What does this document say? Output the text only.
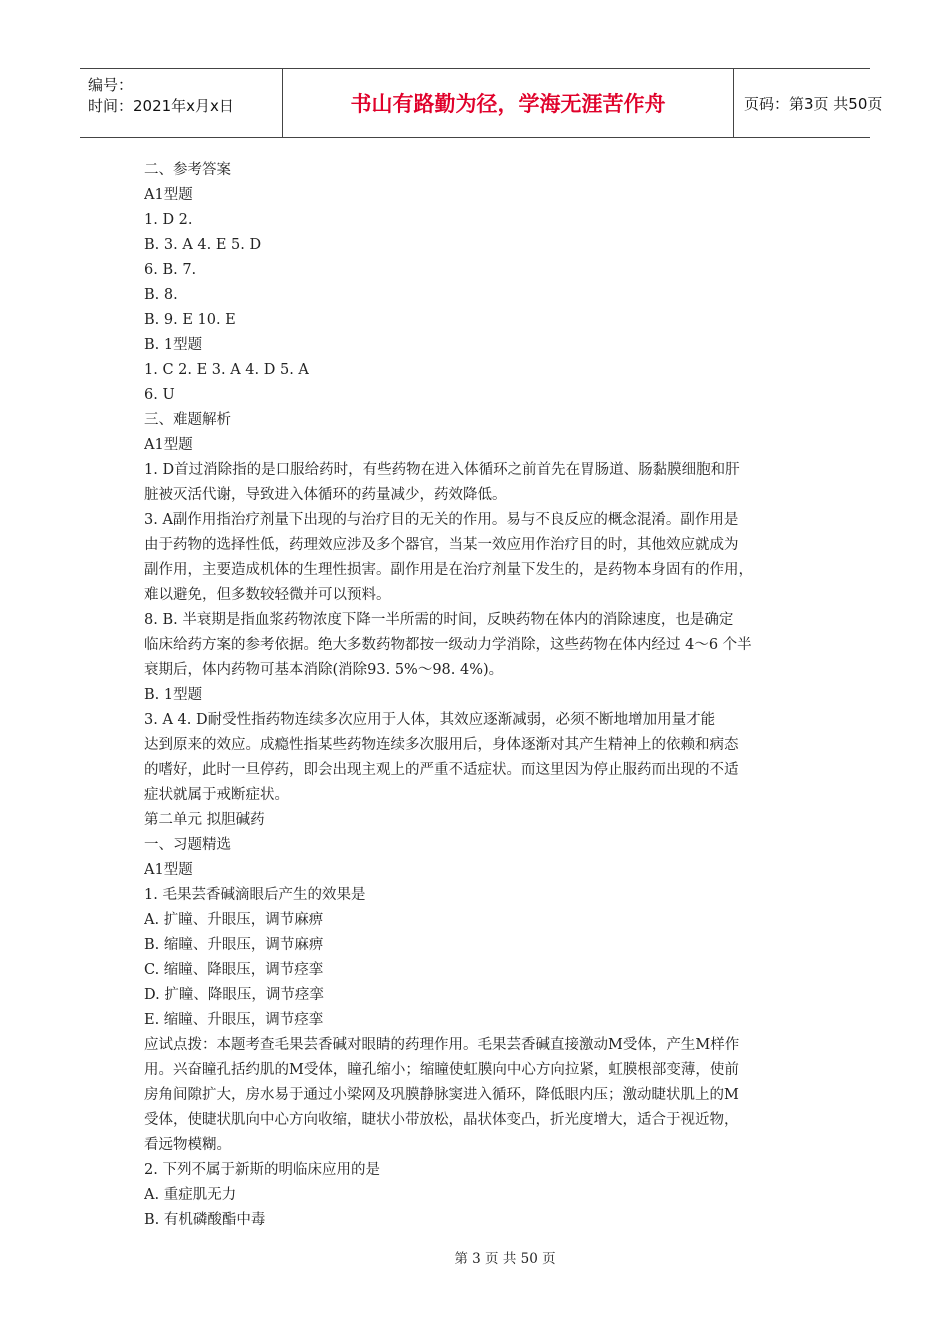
编号：
时间：2021年x月x日	书山有路勤为径，学海无涯苦作舟	页码：第3页 共50页
二、参考答案
A1型题
1. D 2.
B. 3. A 4. E 5. D
6. B. 7.
B. 8.
B. 9. E 10. E
B. 1型题
1. C 2. E 3. A 4. D 5. A
6. U
三、难题解析
A1型题
1. D首过消除指的是口服给药时，有些药物在进入体循环之前首先在胃肠道、肠黏膜细胞和肝
脏被灭活代谢，导致进入体循环的药量减少，药效降低。
3. A副作用指治疗剂量下出现的与治疗目的无关的作用。易与不良反应的概念混淆。副作用是
由于药物的选择性低，药理效应涉及多个器官，当某一效应用作治疗目的时，其他效应就成为
副作用，主要造成机体的生理性损害。副作用是在治疗剂量下发生的，是药物本身固有的作用，
难以避免，但多数较轻微并可以预料。
8. B. 半衰期是指血浆药物浓度下降一半所需的时间，反映药物在体内的消除速度，也是确定
临床给药方案的参考依据。绝大多数药物都按一级动力学消除，这些药物在体内经过 4～6 个半
衰期后，体内药物可基本消除(消除93. 5%～98. 4%)。
B. 1型题
3. A 4. D耐受性指药物连续多次应用于人体，其效应逐渐减弱，必须不断地增加用量才能
达到原来的效应。成瘾性指某些药物连续多次服用后，身体逐渐对其产生精神上的依赖和病态
的嗜好，此时一旦停药，即会出现主观上的严重不适症状。而这里因为停止服药而出现的不适
症状就属于戒断症状。
第二单元 拟胆碱药
一、习题精选
A1型题
1. 毛果芸香碱滴眼后产生的效果是
A. 扩瞳、升眼压，调节麻痹
B. 缩瞳、升眼压，调节麻痹
C. 缩瞳、降眼压，调节痉挛
D. 扩瞳、降眼压，调节痉挛
E. 缩瞳、升眼压，调节痉挛
应试点拨：本题考查毛果芸香碱对眼睛的药理作用。毛果芸香碱直接激动M受体，产生M样作
用。兴奋瞳孔括约肌的M受体，瞳孔缩小；缩瞳使虹膜向中心方向拉紧，虹膜根部变薄，使前
房角间隙扩大，房水易于通过小梁网及巩膜静脉窦进入循环，降低眼内压；激动睫状肌上的M
受体，使睫状肌向中心方向收缩，睫状小带放松，晶状体变凸，折光度增大，适合于视近物，
看远物模糊。
2. 下列不属于新斯的明临床应用的是
A. 重症肌无力
B. 有机磷酸酯中毒
第 3 页 共 50 页
